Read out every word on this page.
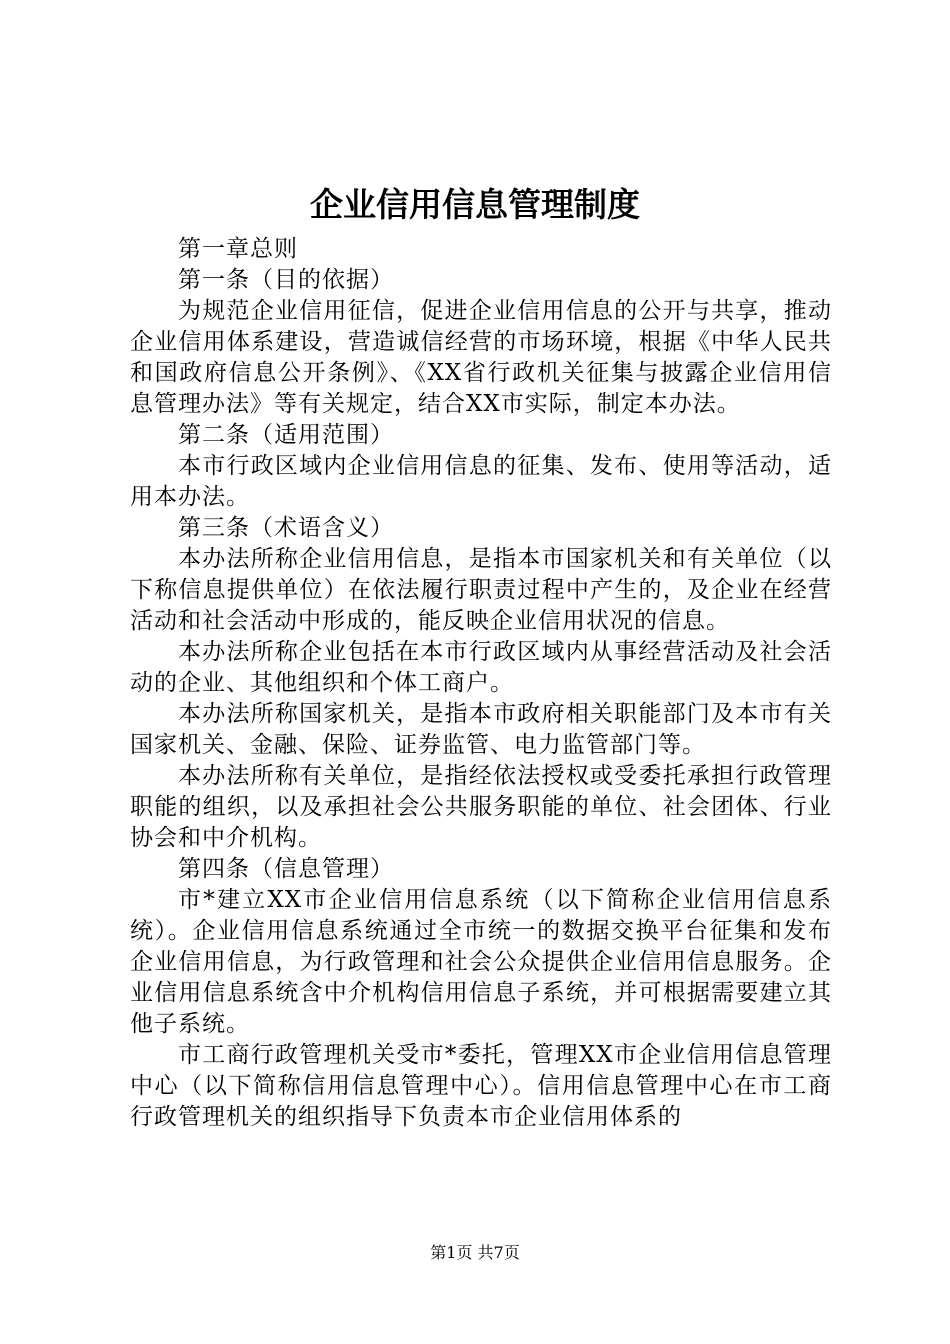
企业信用信息管理制度

第一章总则

第一条（目的依据）

为规范企业信用征信，促进企业信用信息的公开与共享，推动企业信用体系建设，营造诚信经营的市场环境，根据《中华人民共和国政府信息公开条例》、《XX省行政机关征集与披露企业信用信息管理办法》等有关规定，结合XX市实际，制定本办法。

第二条（适用范围）

本市行政区域内企业信用信息的征集、发布、使用等活动，适用本办法。

第三条（术语含义）

本办法所称企业信用信息，是指本市国家机关和有关单位（以下称信息提供单位）在依法履行职责过程中产生的，及企业在经营活动和社会活动中形成的，能反映企业信用状况的信息。

本办法所称企业包括在本市行政区域内从事经营活动及社会活动的企业、其他组织和个体工商户。

本办法所称国家机关，是指本市政府相关职能部门及本市有关国家机关、金融、保险、证券监管、电力监管部门等。

本办法所称有关单位，是指经依法授权或受委托承担行政管理职能的组织，以及承担社会公共服务职能的单位、社会团体、行业协会和中介机构。

第四条（信息管理）

市*建立XX市企业信用信息系统（以下简称企业信用信息系统）。企业信用信息系统通过全市统一的数据交换平台征集和发布企业信用信息，为行政管理和社会公众提供企业信用信息服务。企业信用信息系统含中介机构信用信息子系统，并可根据需要建立其他子系统。

市工商行政管理机关受市*委托，管理XX市企业信用信息管理中心（以下简称信用信息管理中心）。信用信息管理中心在市工商行政管理机关的组织指导下负责本市企业信用体系的

第1页 共7页
